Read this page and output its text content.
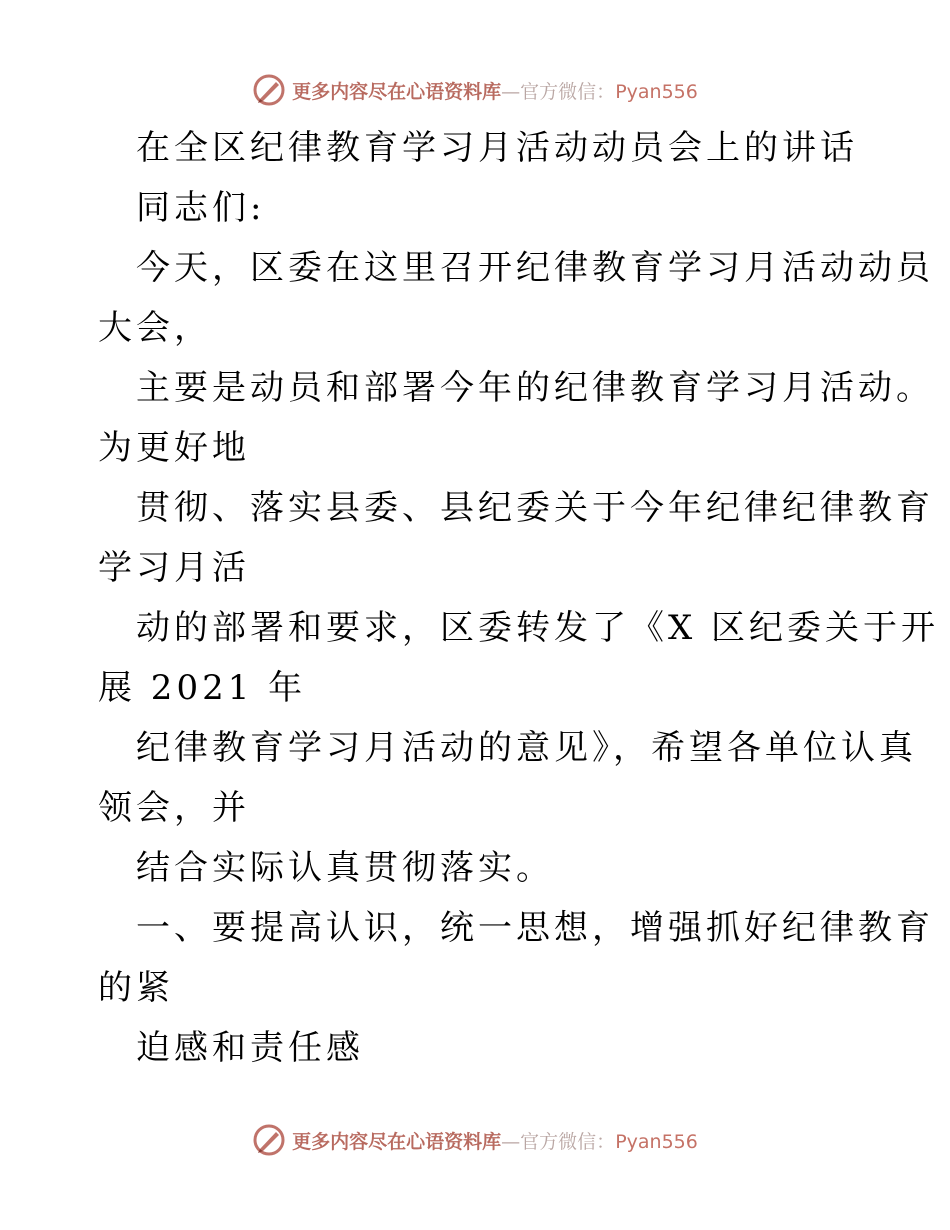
更多内容尽在心语资料库—官方微信：Pyan556
在全区纪律教育学习月活动动员会上的讲话
同志们:
今天，区委在这里召开纪律教育学习月活动动员
大会，
主要是动员和部署今年的纪律教育学习月活动。
为更好地
贯彻、落实县委、县纪委关于今年纪律纪律教育
学习月活
动的部署和要求，区委转发了《X 区纪委关于开
展 2021 年
纪律教育学习月活动的意见》，希望各单位认真
领会，并
结合实际认真贯彻落实。
一、要提高认识，统一思想，增强抓好纪律教育
的紧
迫感和责任感
更多内容尽在心语资料库—官方微信：Pyan556
